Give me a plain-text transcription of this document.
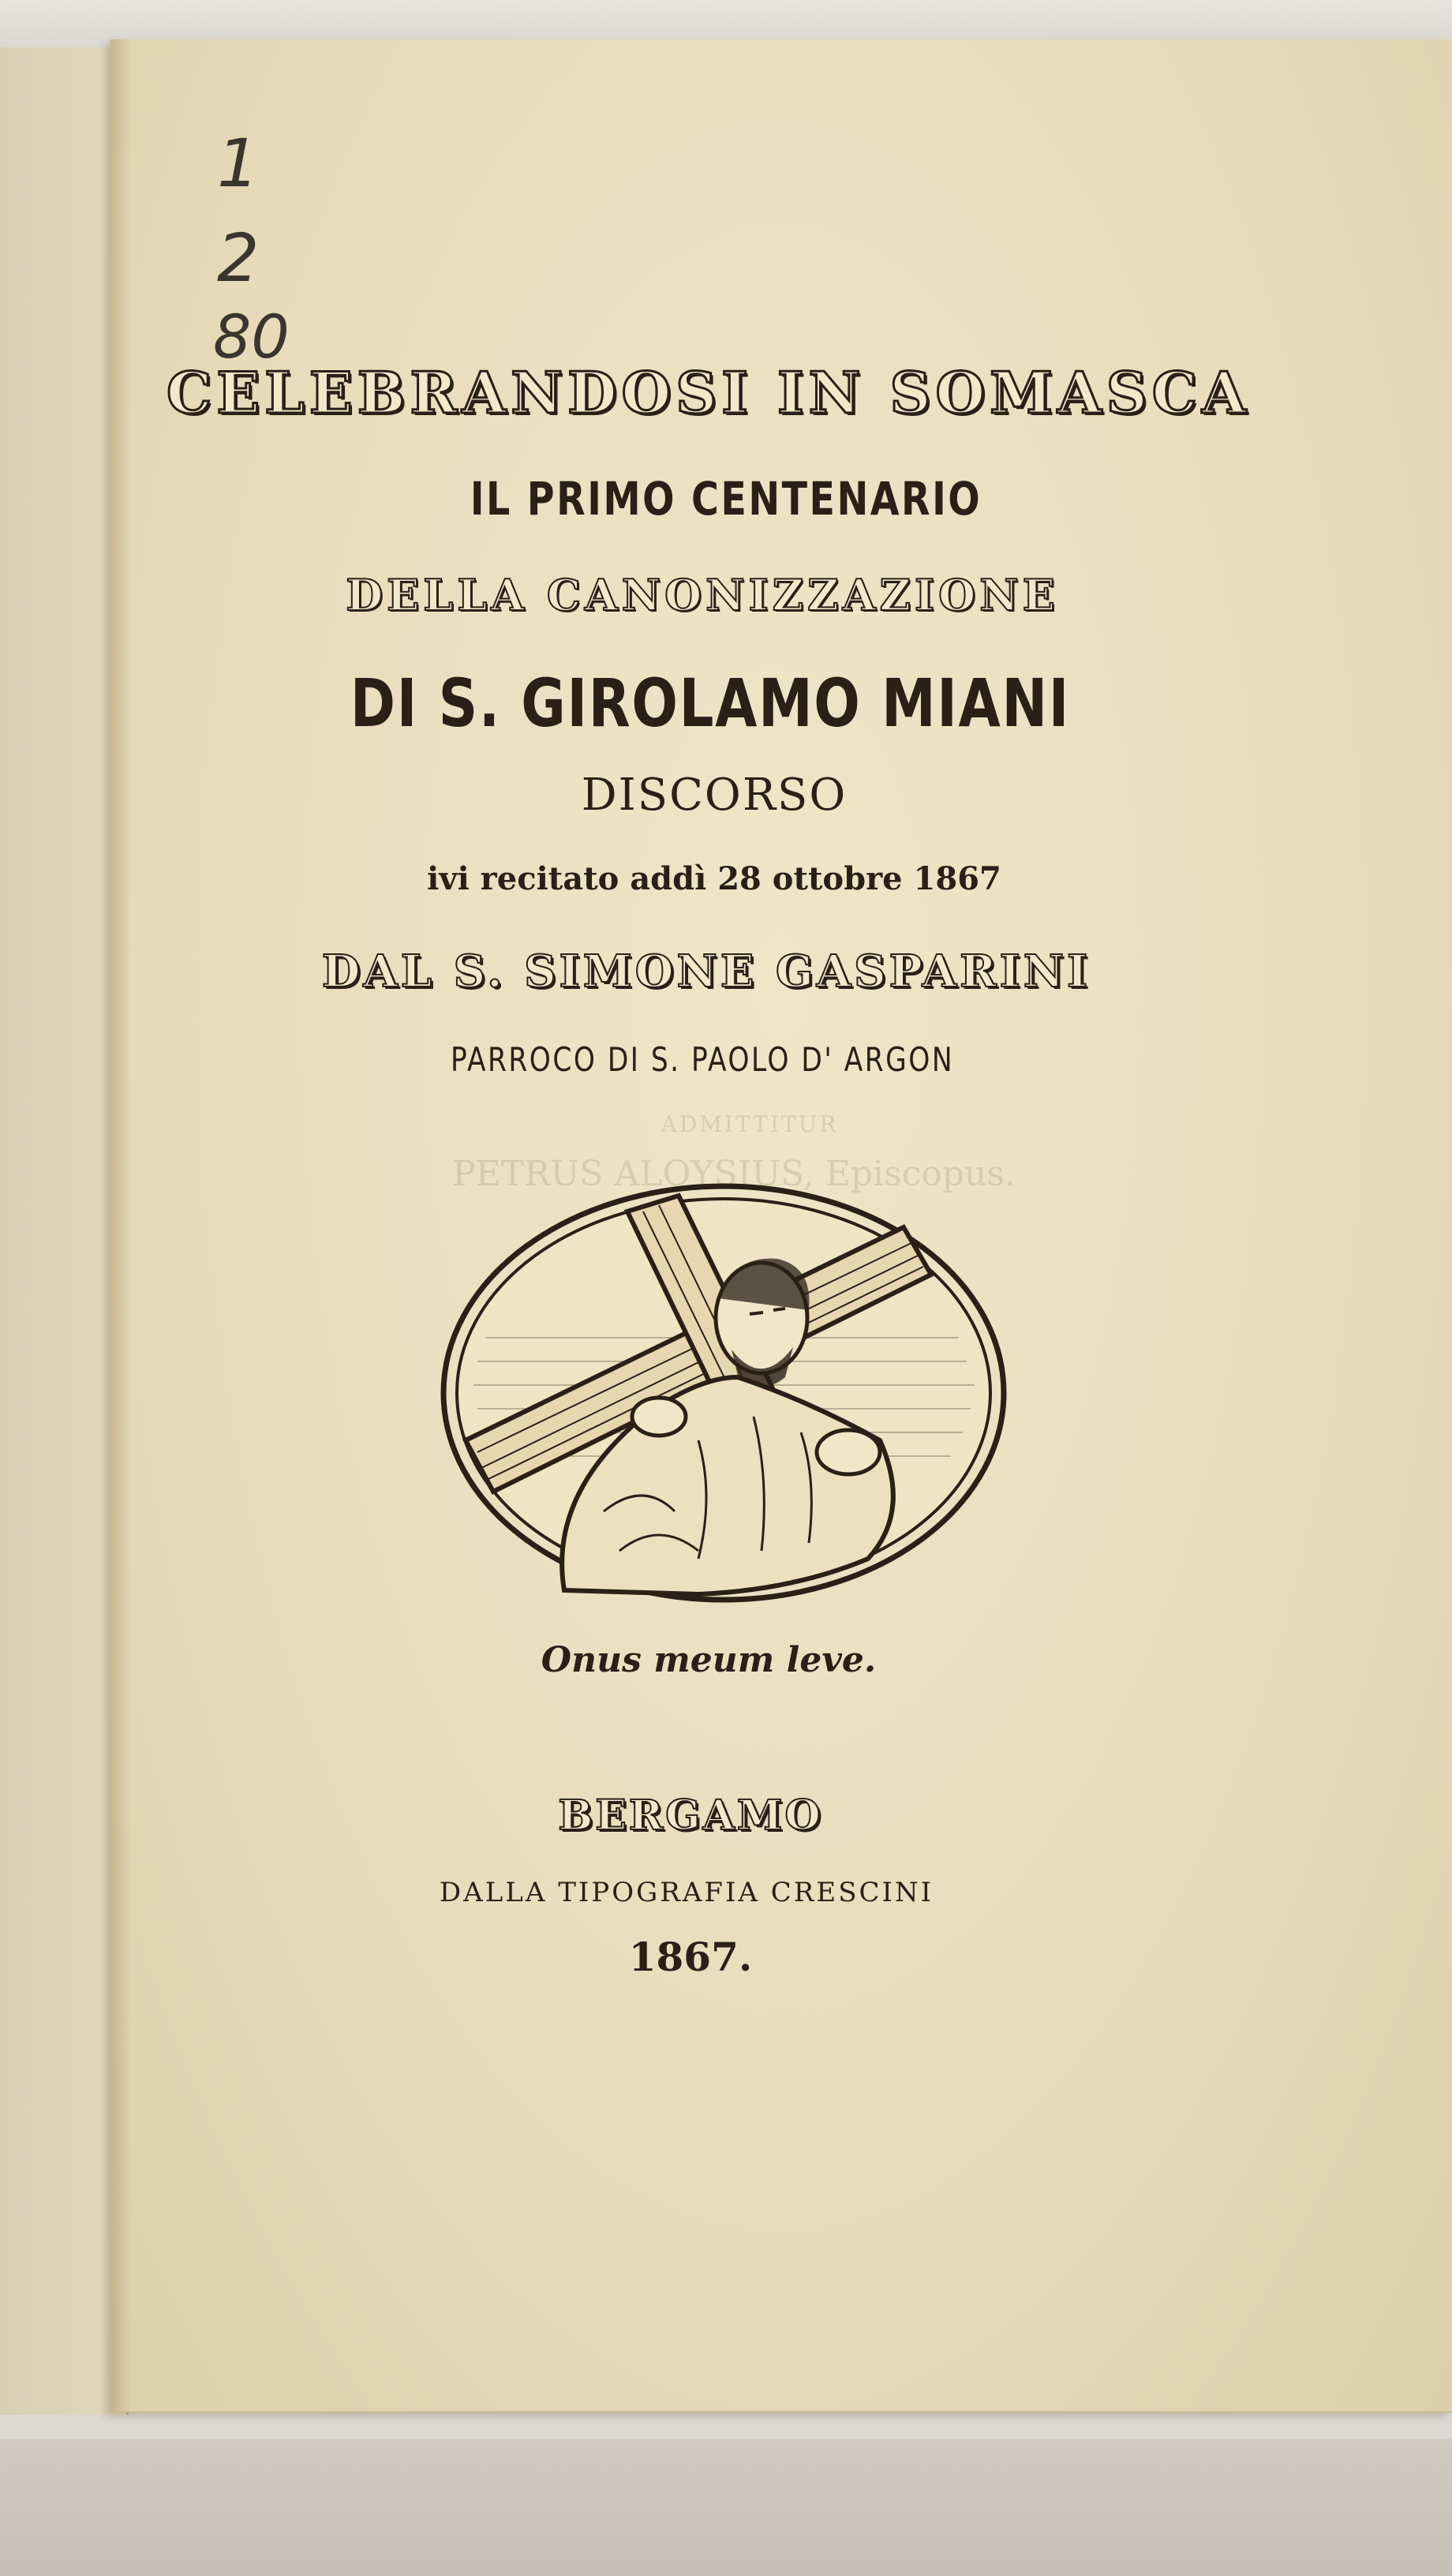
1
2
80
CELEBRANDOSI IN SOMASCA
IL PRIMO CENTENARIO
DELLA CANONIZZAZIONE
DI S. GIROLAMO MIANI
DISCORSO
ivi recitato addì 28 ottobre 1867
DAL S. SIMONE GASPARINI
PARROCO DI S. PAOLO D' ARGON
ADMITTITUR
PETRUS ALOYSIUS, Episcopus.
Onus meum leve.
BERGAMO
DALLA TIPOGRAFIA CRESCINI
1867.
